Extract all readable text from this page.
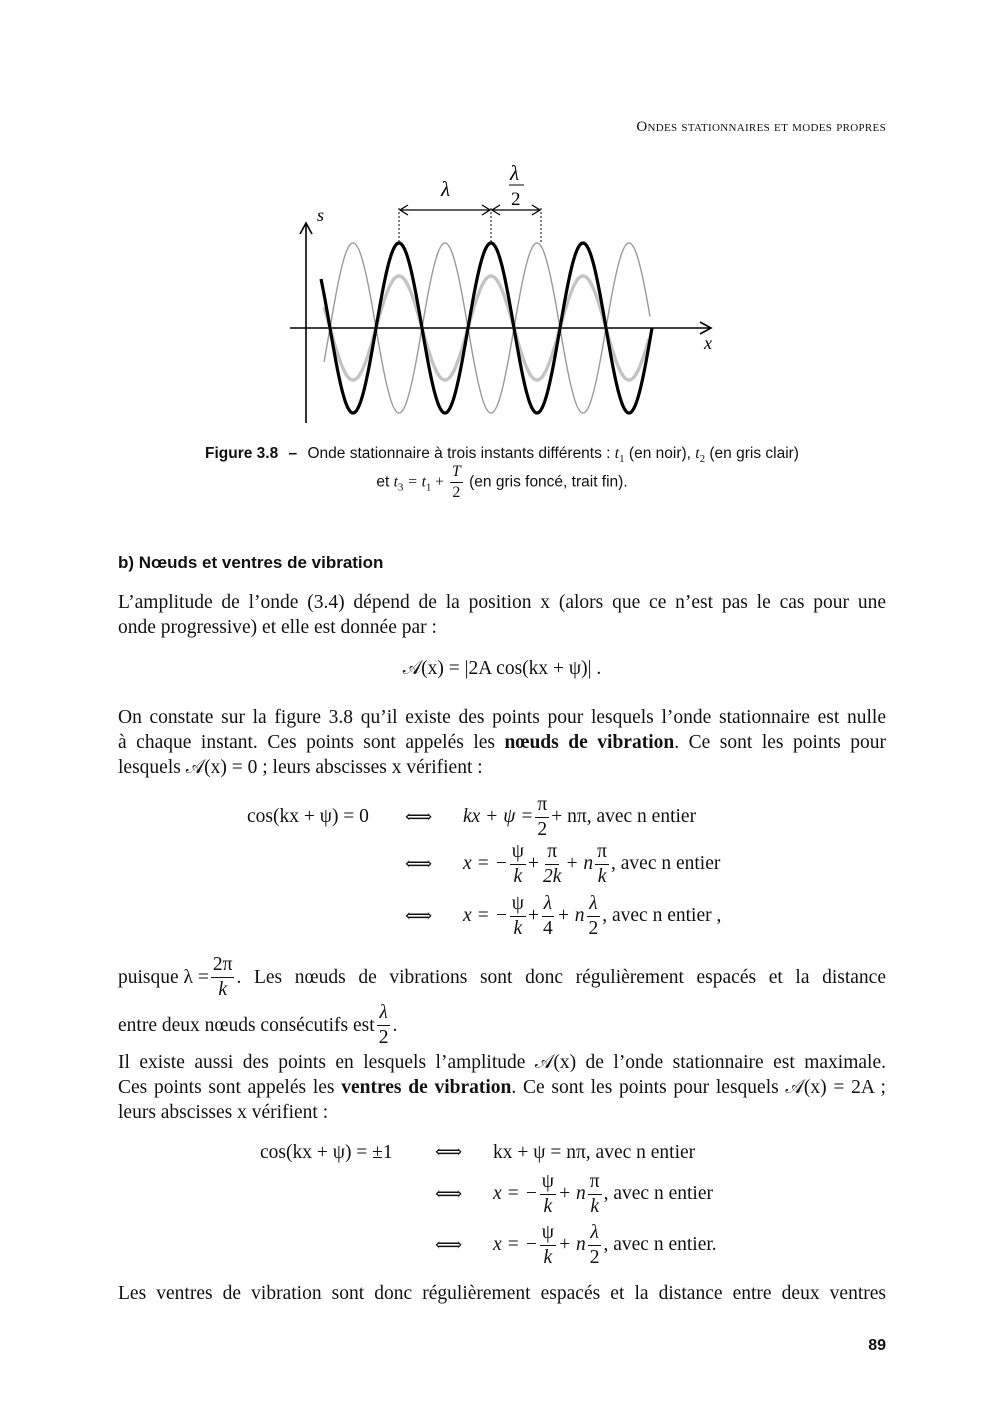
Ondes stationnaires et modes propres
s
x
λ
λ
2
Figure 3.8 – Onde stationnaire à trois instants différents : $t_1$ (en noir), $t_2$ (en gris clair)
et $t_3 = t_1 + \frac{T}{2} (en$ gris foncé, trait fin).
b) Nœuds et ventres de vibration
L’amplitude de l’onde (3.4) dépend de la position x (alors que ce n’est pas le cas pour une
onde progressive) et elle est donnée par :
𝒜(x) = |2A cos(kx + ψ)| .
On constate sur la figure 3.8 qu’il existe des points pour lesquels l’onde stationnaire est nulle
à chaque instant. Ces points sont appelés les nœuds de vibration. Ce sont les points pour
lesquels 𝒜(x) = 0 ; leurs abscisses x vérifient :
cos(kx + ψ) = 0	⟺	kx + $\psi = \frac{\pi}{2} + n\pi$, avec n entier
⟺	x = − $\frac{\psi}{k} + \frac{\pi}{2k} + n \frac{\pi}{k}$ , avec n entier
⟺	x = − $\frac{\psi}{k} + \frac{\lambda}{4} + n \frac{\lambda}{2}$ , avec n entier ,
puisque $\lambda = \frac{2\pi}{k}$ . Les nœuds de vibrations sont donc régulièrement espacés et la distance
entre deux nœuds consécutifs est $\frac{\lambda}{2}$ .
Il existe aussi des points en lesquels l’amplitude 𝒜(x) de l’onde stationnaire est maximale.
Ces points sont appelés les ventres de vibration. Ce sont les points pour lesquels 𝒜(x) = 2A ;
leurs abscisses x vérifient :
cos(kx + ψ) = ±1	⟺	kx + ψ = nπ, avec n entier
⟺	x = − $\frac{\psi}{k} + n \frac{\pi}{k}$ , avec n entier
⟺	x = − $\frac{\psi}{k} + n \frac{\lambda}{2}$ , avec n entier.
Les ventres de vibration sont donc régulièrement espacés et la distance entre deux ventres
89
